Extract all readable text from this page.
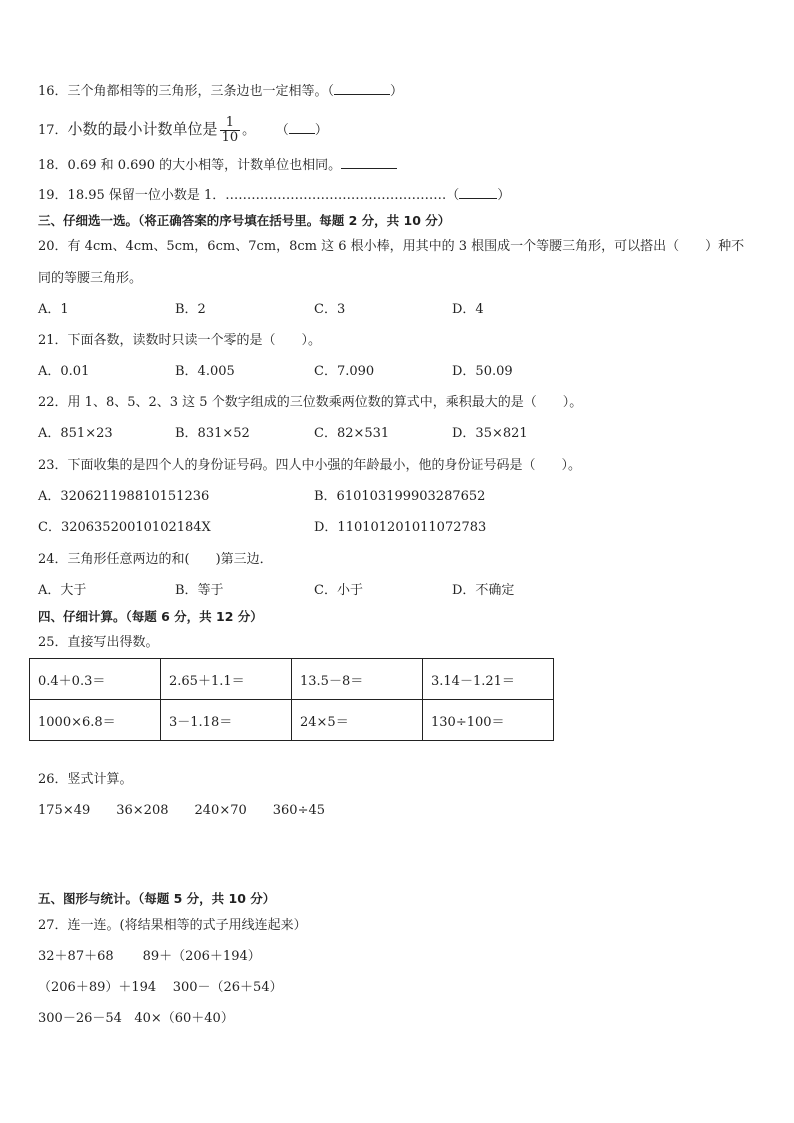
16．三个角都相等的三角形，三条边也一定相等。（	）
17．小数的最小计数单位是 $\frac{1}{10}$ 。 （ ）
18．0.69 和 0.690 的大小相等，计数单位也相同。
19．18.95 保留一位小数是 1．……………………………………………（	）
三、仔细选一选。（将正确答案的序号填在括号里。每题 2 分，共 10 分）
20．有 4cm、4cm、5cm，6cm、7cm，8cm 这 6 根小棒，用其中的 3 根围成一个等腰三角形，可以搭出（　　）种不
同的等腰三角形。
A．1	B．2	C．3	D．4
21．下面各数，读数时只读一个零的是（　　）。
A．0.01	B．4.005	C．7.090	D．50.09
22．用 1、8、5、2、3 这 5 个数字组成的三位数乘两位数的算式中，乘积最大的是（　　）。
A．851×23	B．831×52	C．82×531	D．35×821
23．下面收集的是四个人的身份证号码。四人中小强的年龄最小，他的身份证号码是（　　）。
A．320621198810151236	B．610103199903287652
C．32063520010102184X	D．110101201011072783
24．三角形任意两边的和(　　)第三边．
A．大于	B．等于	C．小于	D．不确定
四、仔细计算。（每题 6 分，共 12 分）
25．直接写出得数。
0.4＋0.3＝	2.65＋1.1＝	13.5－8＝	3.14－1.21＝
1000×6.8＝	3－1.18＝	24×5＝	130÷100＝
26．竖式计算。
175×49 36×208 240×70 360÷45
五、图形与统计。（每题 5 分，共 10 分）
27．连一连。(将结果相等的式子用线连起来）
32＋87＋68 89＋（206＋194）
（206＋89）＋194 300－（26＋54）
300－26－54 40×（60＋40）
